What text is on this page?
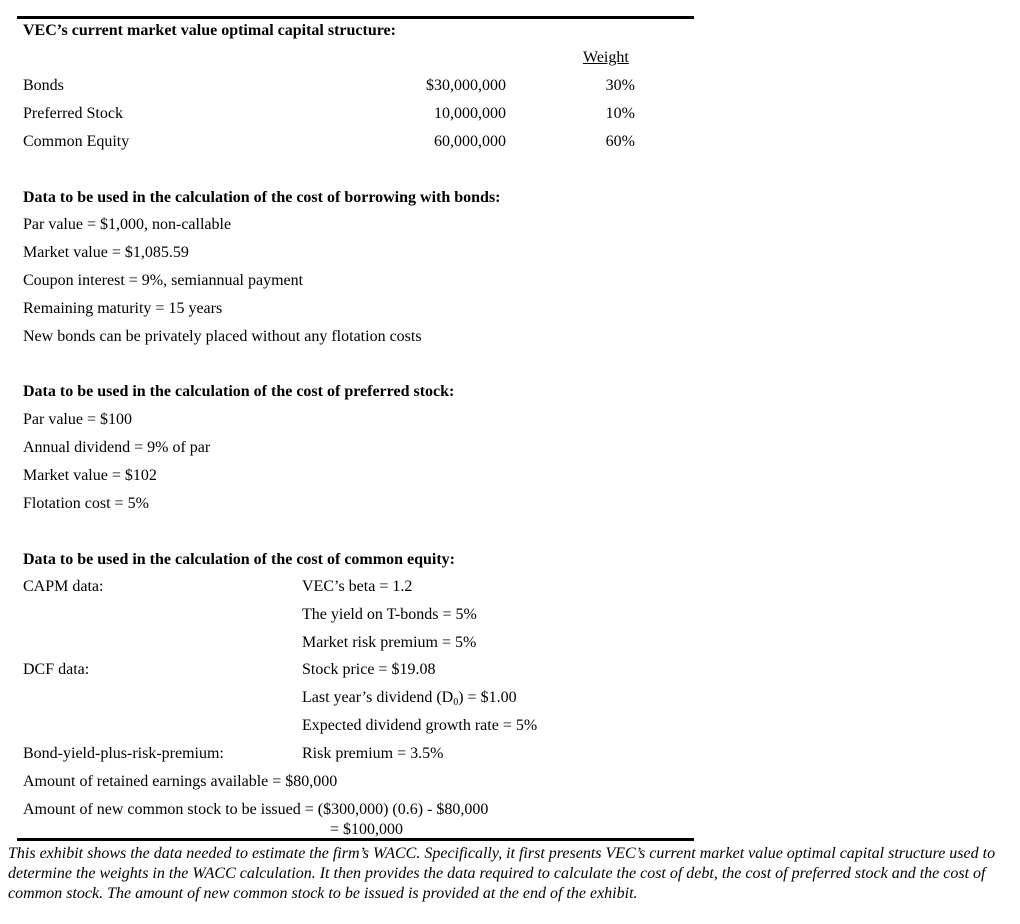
VEC’s current market value optimal capital structure:
Weight
Bonds	$30,000,000	30%
Preferred Stock	10,000,000	10%
Common Equity	60,000,000	60%
Data to be used in the calculation of the cost of borrowing with bonds:
Par value = $1,000, non-callable
Market value = $1,085.59
Coupon interest = 9%, semiannual payment
Remaining maturity = 15 years
New bonds can be privately placed without any flotation costs
Data to be used in the calculation of the cost of preferred stock:
Par value = $100
Annual dividend = 9% of par
Market value = $102
Flotation cost = 5%
Data to be used in the calculation of the cost of common equity:
CAPM data:	VEC’s beta = 1.2
The yield on T-bonds = 5%
Market risk premium = 5%
DCF data:	Stock price = $19.08
Last year’s dividend $(D_0)$ = $1.00
Expected dividend growth rate = 5%
Bond-yield-plus-risk-premium:	Risk premium = 3.5%
Amount of retained earnings available = $80,000
Amount of new common stock to be issued = ($300,000) (0.6) - $80,000
= $100,000
This exhibit shows the data needed to estimate the firm’s WACC. Specifically, it first presents VEC’s current market value optimal capital structure used to determine the weights in the WACC calculation. It then provides the data required to calculate the cost of debt, the cost of preferred stock and the cost of common stock. The amount of new common stock to be issued is provided at the end of the exhibit.
